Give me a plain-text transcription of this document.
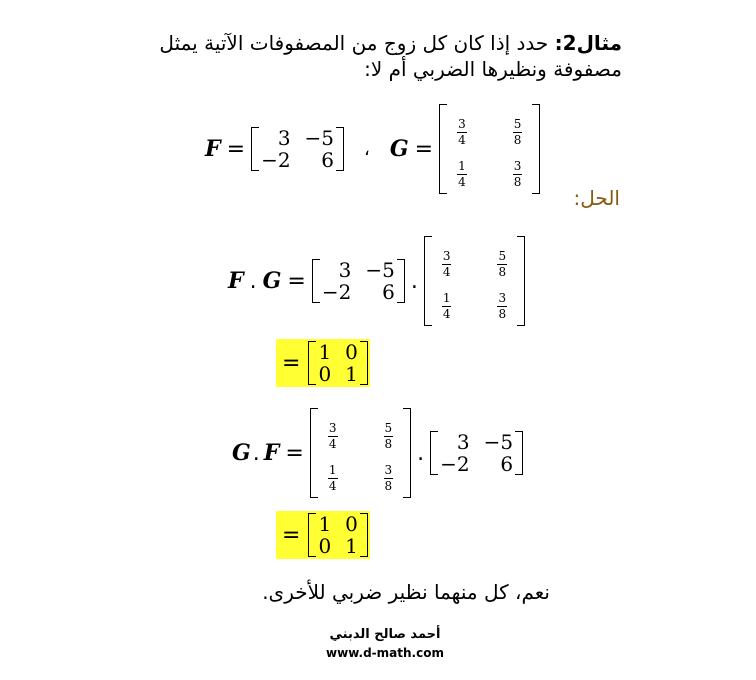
مثال2: حدد إذا كان كل زوج من المصفوفات الآتية يمثل مصفوفة ونظيرها الضربي أم لا:
F =	3 −5
−2	6 ، G =
$\frac{3}{4}$	$\frac{5}{8}$
$\frac{1}{4}$	$\frac{3}{8}$
الحل:
F . G =	3 −5
−2	6 .
$\frac{3}{4}$	$\frac{5}{8}$
$\frac{1}{4}$	$\frac{3}{8}$
= 1 0
0 1
G . F =
$\frac{3}{4}$	$\frac{5}{8}$
$\frac{1}{4}$	$\frac{3}{8}$
.	3 −5
−2	6
= 1 0
0 1
نعم، كل منهما نظير ضربي للأخرى.
أحمد صالح الدبني
www.d-math.com
